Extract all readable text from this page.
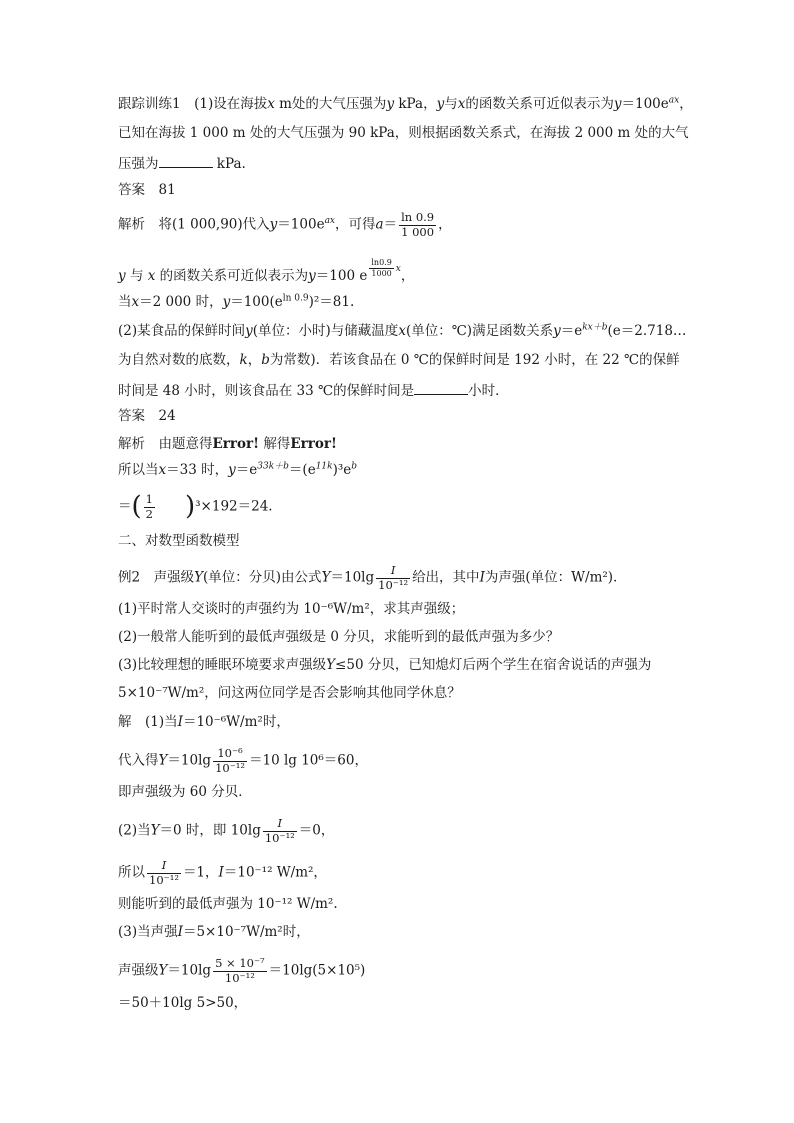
跟踪训练1　(1)设在海拔x m处的大气压强为y kPa，y与x的函数关系可近似表示为$y=100e^{ax}$，
已知在海拔 1 000 m 处的大气压强为 90 kPa，则根据函数关系式，在海拔 2 000 m 处的大气
压强为	kPa.
答案　81
解析　将(1 000,90)代入$y=100e^{ax}$，可得$a= \frac{\ln 0.9}{1 000}$ ，
y 与 x 的函数关系可近似表示为y＝100 e $^{\frac{\ln 0.9}{1000} x}$，
当x＝2 000 时，$y=100(e^{ln 0.9})^2=81$.
(2)某食品的保鲜时间y(单位：小时)与储藏温度x(单位：℃)满足函数关系$y=e^{kx+b}(e=2.718\dots$
为自然对数的底数，k，b为常数)．若该食品在 0 ℃的保鲜时间是 192 小时，在 22 ℃的保鲜
时间是 48 小时，则该食品在 33 ℃的保鲜时间是	小时．
答案　24
解析　由题意得Error! 解得Error!
所以当x＝33 时，$y=e^{33k+b}=(e^{11k})^3e^b$
＝( $\frac{1}{2} )^3\times 192=24$.
二、对数型函数模型
例2　声强级Y(单位：分贝)由公式$Y=10\lg \frac{I}{\text{10⁻¹²}}$ 给出，其中I为声强(单位：W/m²)．
(1)平时常人交谈时的声强约为 10⁻⁶W/m²，求其声强级；
(2)一般常人能听到的最低声强级是 0 分贝，求能听到的最低声强为多少？
(3)比较理想的睡眠环境要求声强级Y≤50 分贝，已知熄灯后两个学生在宿舍说话的声强为
5×10⁻⁷W/m²，问这两位同学是否会影响其他同学休息？
解　(1)当I＝10⁻⁶W/m²时，
代入得$Y=10\lg \frac{\text{10⁻⁶}}{\text{10⁻¹²}} =10$ lg 10⁶＝60，
即声强级为 60 分贝．
(2)当Y＝0 时，即 $10\lg \frac{I}{\text{10⁻¹²}} =0$，
所以 $\frac{I}{\text{10⁻¹²}} =1$，I＝10⁻¹² W/m²，
则能听到的最低声强为 10⁻¹² W/m².
(3)当声强I＝5×10⁻⁷W/m²时，
声强级$Y=10\lg \frac{\text{5 × 10⁻⁷}}{\text{10⁻¹²}} =10\lg(5\times 10^5)$
＝50＋10lg 5>50，
